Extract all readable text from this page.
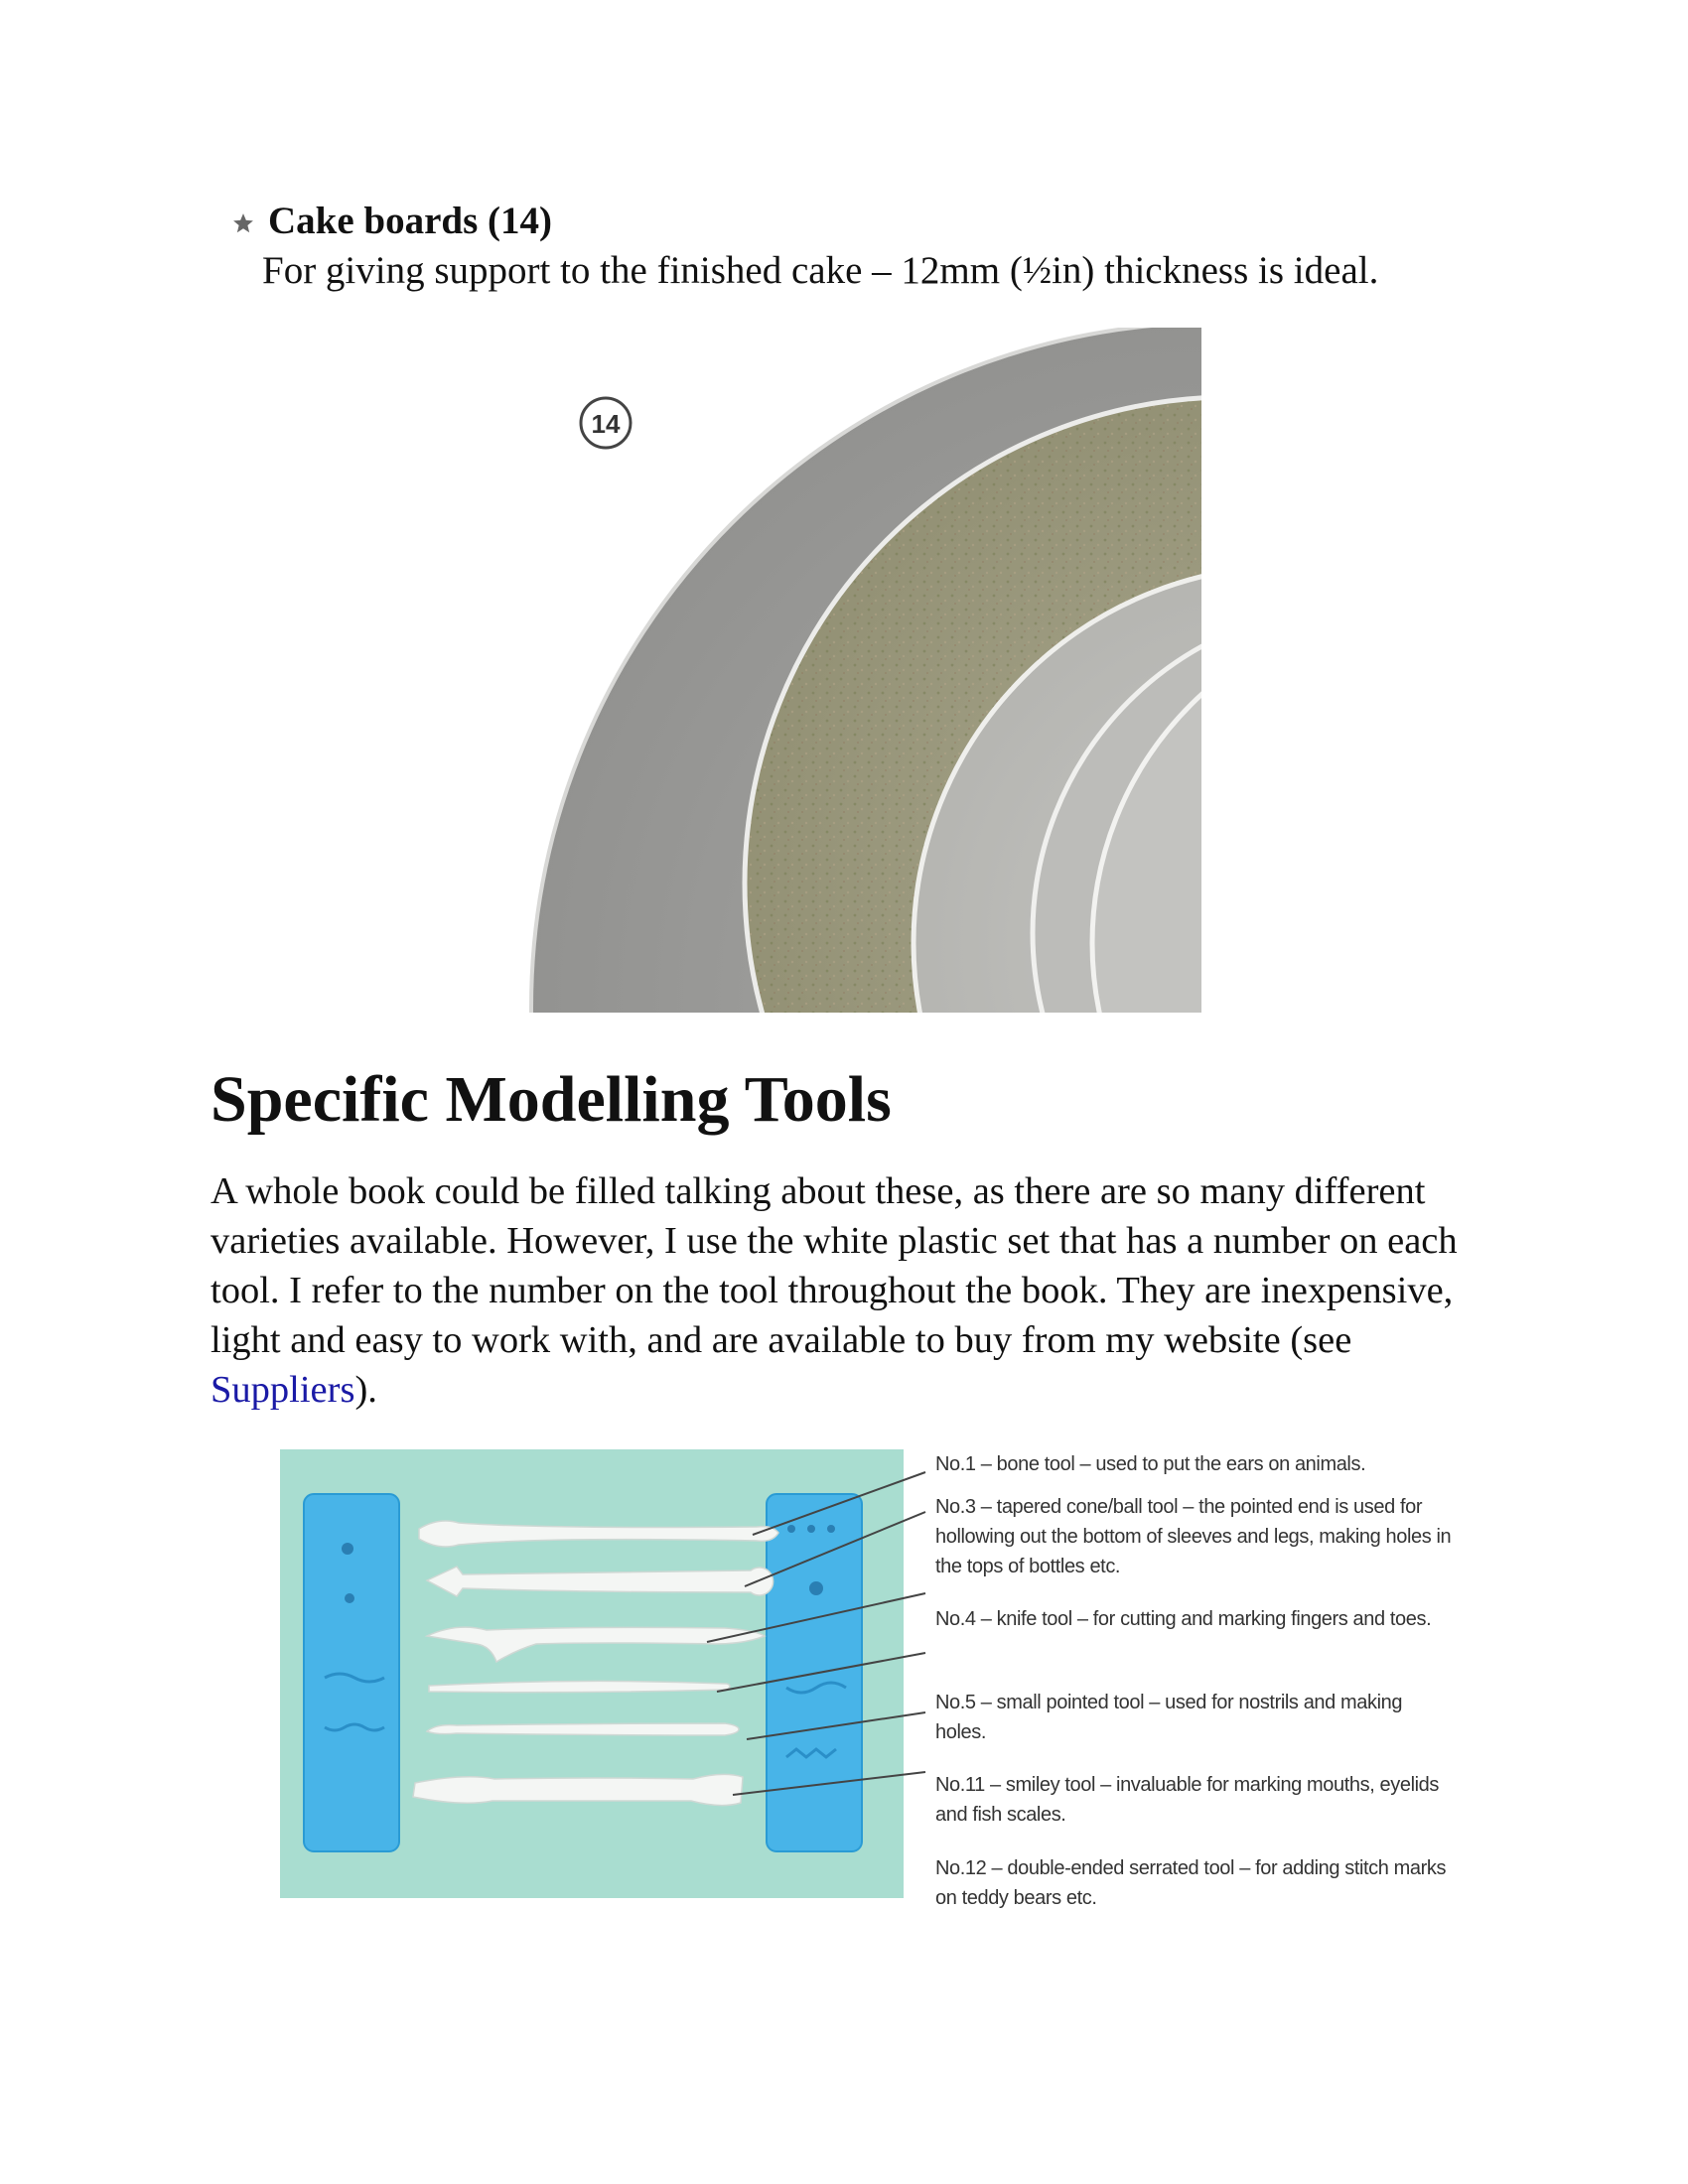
Cake boards (14)
For giving support to the finished cake – 12mm (½in) thickness is ideal.
14
Specific Modelling Tools

A whole book could be filled talking about these, as there are so many different varieties available. However, I use the white plastic set that has a number on each tool. I refer to the number on the tool throughout the book. They are inexpensive, light and easy to work with, and are available to buy from my website (see Suppliers).

No.1 – bone tool – used to put the ears on animals.
No.3 – tapered cone/ball tool – the pointed end is used for hollowing out the bottom of sleeves and legs, making holes in the tops of bottles etc.
No.4 – knife tool – for cutting and marking fingers and toes.
No.5 – small pointed tool – used for nostrils and making holes.
No.11 – smiley tool – invaluable for marking mouths, eyelids and fish scales.
No.12 – double-ended serrated tool – for adding stitch marks on teddy bears etc.
